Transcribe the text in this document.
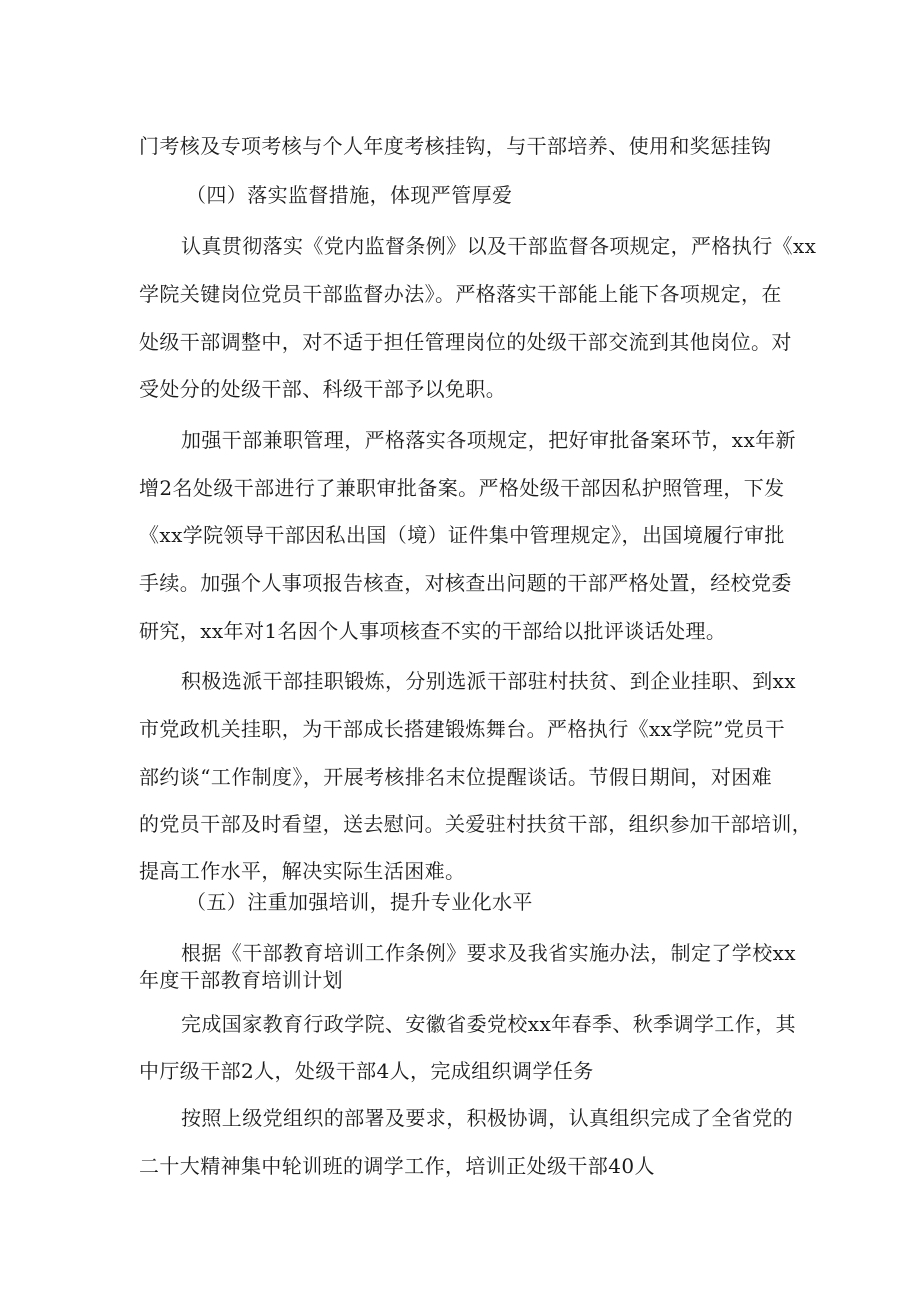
门考核及专项考核与个人年度考核挂钩，与干部培养、使用和奖惩挂钩
（四）落实监督措施，体现严管厚爱
认真贯彻落实《党内监督条例》以及干部监督各项规定，严格执行《xx
学院关键岗位党员干部监督办法》。严格落实干部能上能下各项规定，在
处级干部调整中，对不适于担任管理岗位的处级干部交流到其他岗位。对
受处分的处级干部、科级干部予以免职。
加强干部兼职管理，严格落实各项规定，把好审批备案环节，xx年新
增2名处级干部进行了兼职审批备案。严格处级干部因私护照管理，下发
《xx学院领导干部因私出国（境）证件集中管理规定》，出国境履行审批
手续。加强个人事项报告核查，对核查出问题的干部严格处置，经校党委
研究，xx年对1名因个人事项核查不实的干部给以批评谈话处理。
积极选派干部挂职锻炼，分别选派干部驻村扶贫、到企业挂职、到xx
市党政机关挂职，为干部成长搭建锻炼舞台。严格执行《xx学院”党员干
部约谈“工作制度》，开展考核排名末位提醒谈话。节假日期间，对困难
的党员干部及时看望，送去慰问。关爱驻村扶贫干部，组织参加干部培训，
提高工作水平，解决实际生活困难。
（五）注重加强培训，提升专业化水平
根据《干部教育培训工作条例》要求及我省实施办法，制定了学校xx
年度干部教育培训计划
完成国家教育行政学院、安徽省委党校xx年春季、秋季调学工作，其
中厅级干部2人，处级干部4人，完成组织调学任务
按照上级党组织的部署及要求，积极协调，认真组织完成了全省党的
二十大精神集中轮训班的调学工作，培训正处级干部40人
